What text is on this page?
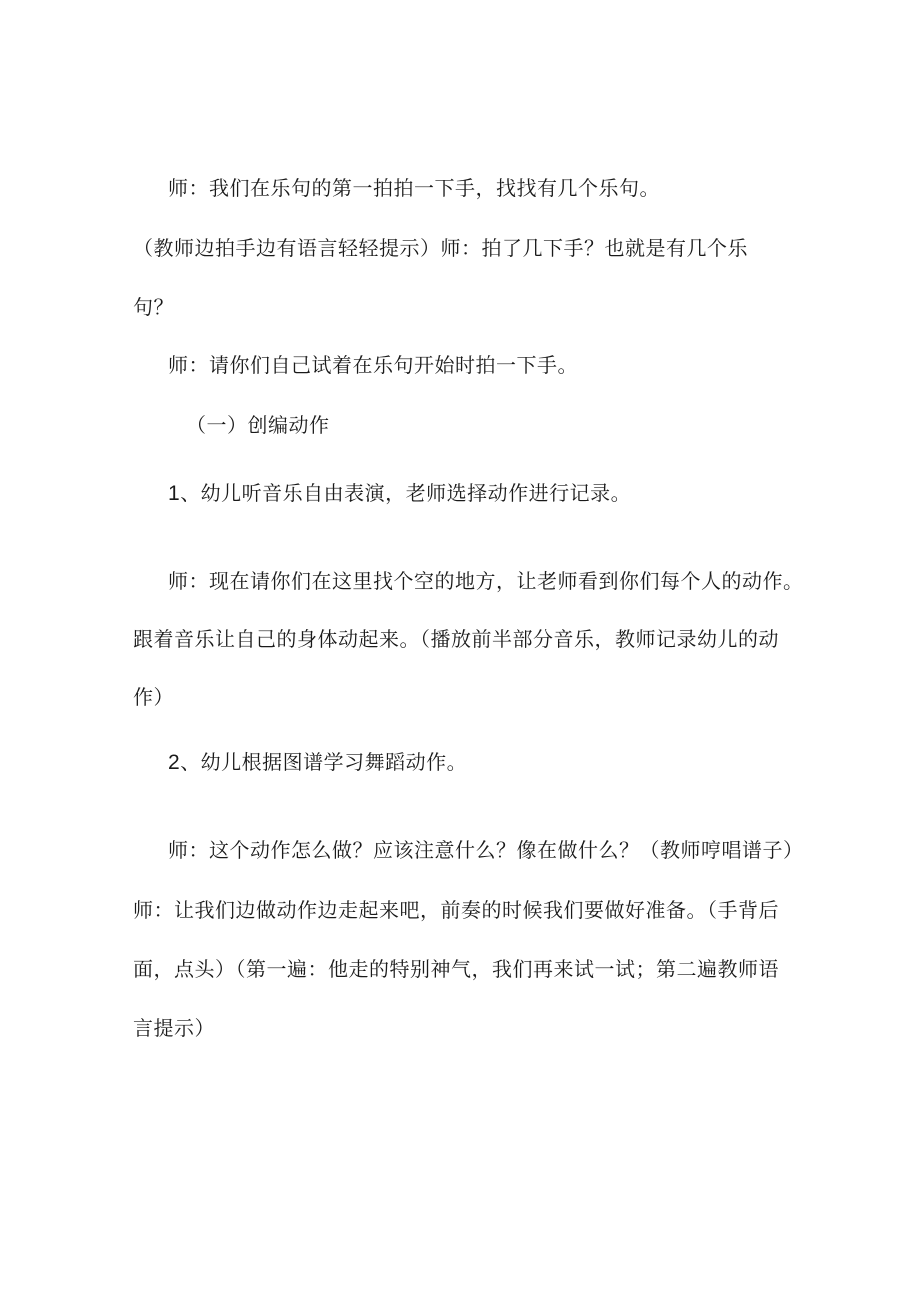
师：我们在乐句的第一拍拍一下手，找找有几个乐句。
（教师边拍手边有语言轻轻提示）师：拍了几下手？也就是有几个乐
句？
师：请你们自己试着在乐句开始时拍一下手。
（一）创编动作
1、幼儿听音乐自由表演，老师选择动作进行记录。
师：现在请你们在这里找个空的地方，让老师看到你们每个人的动作。
跟着音乐让自己的身体动起来。（播放前半部分音乐，教师记录幼儿的动
作）
2、幼儿根据图谱学习舞蹈动作。
师：这个动作怎么做？应该注意什么？像在做什么？（教师哼唱谱子）
师：让我们边做动作边走起来吧，前奏的时候我们要做好准备。（手背后
面，点头）（第一遍：他走的特别神气，我们再来试一试；第二遍教师语
言提示）
